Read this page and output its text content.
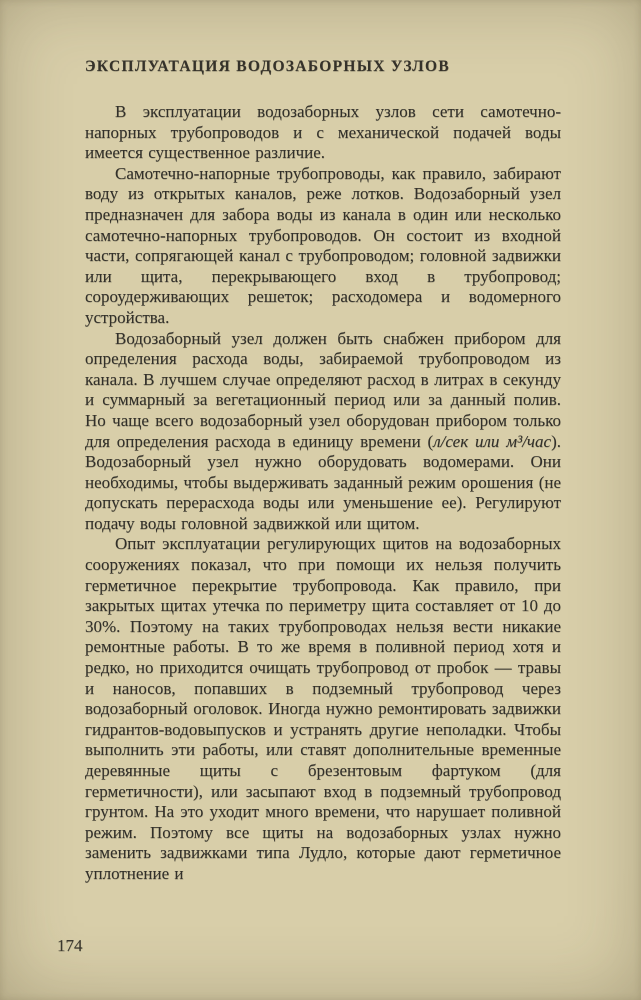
ЭКСПЛУАТАЦИЯ ВОДОЗАБОРНЫХ УЗЛОВ

В эксплуатации водозаборных узлов сети самотечно-напорных трубопроводов и с механической подачей воды имеется существенное различие.

Самотечно-напорные трубопроводы, как правило, забирают воду из открытых каналов, реже лотков. Водозаборный узел предназначен для забора воды из канала в один или несколько самотечно-напорных трубопроводов. Он состоит из входной части, сопрягающей канал с трубопроводом; головной задвижки или щита, перекрывающего вход в трубопровод; сороудерживающих решеток; расходомера и водомерного устройства.

Водозаборный узел должен быть снабжен прибором для определения расхода воды, забираемой трубопроводом из канала. В лучшем случае определяют расход в литрах в секунду и суммарный за вегетационный период или за данный полив. Но чаще всего водозаборный узел оборудован прибором только для определения расхода в единицу времени (л/сек или м³/час). Водозаборный узел нужно оборудовать водомерами. Они необходимы, чтобы выдерживать заданный режим орошения (не допускать перерасхода воды или уменьшение ее). Регулируют подачу воды головной задвижкой или щитом.

Опыт эксплуатации регулирующих щитов на водозаборных сооружениях показал, что при помощи их нельзя получить герметичное перекрытие трубопровода. Как правило, при закрытых щитах утечка по периметру щита составляет от 10 до 30%. Поэтому на таких трубопроводах нельзя вести никакие ремонтные работы. В то же время в поливной период хотя и редко, но приходится очищать трубопровод от пробок — травы и наносов, попавших в подземный трубопровод через водозаборный оголовок. Иногда нужно ремонтировать задвижки гидрантов-водовыпусков и устранять другие неполадки. Чтобы выполнить эти работы, или ставят дополнительные временные деревянные щиты с брезентовым фартуком (для герметичности), или засыпают вход в подземный трубопровод грунтом. На это уходит много времени, что нарушает поливной режим. Поэтому все щиты на водозаборных узлах нужно заменить задвижками типа Лудло, которые дают герметичное уплотнение и

174
